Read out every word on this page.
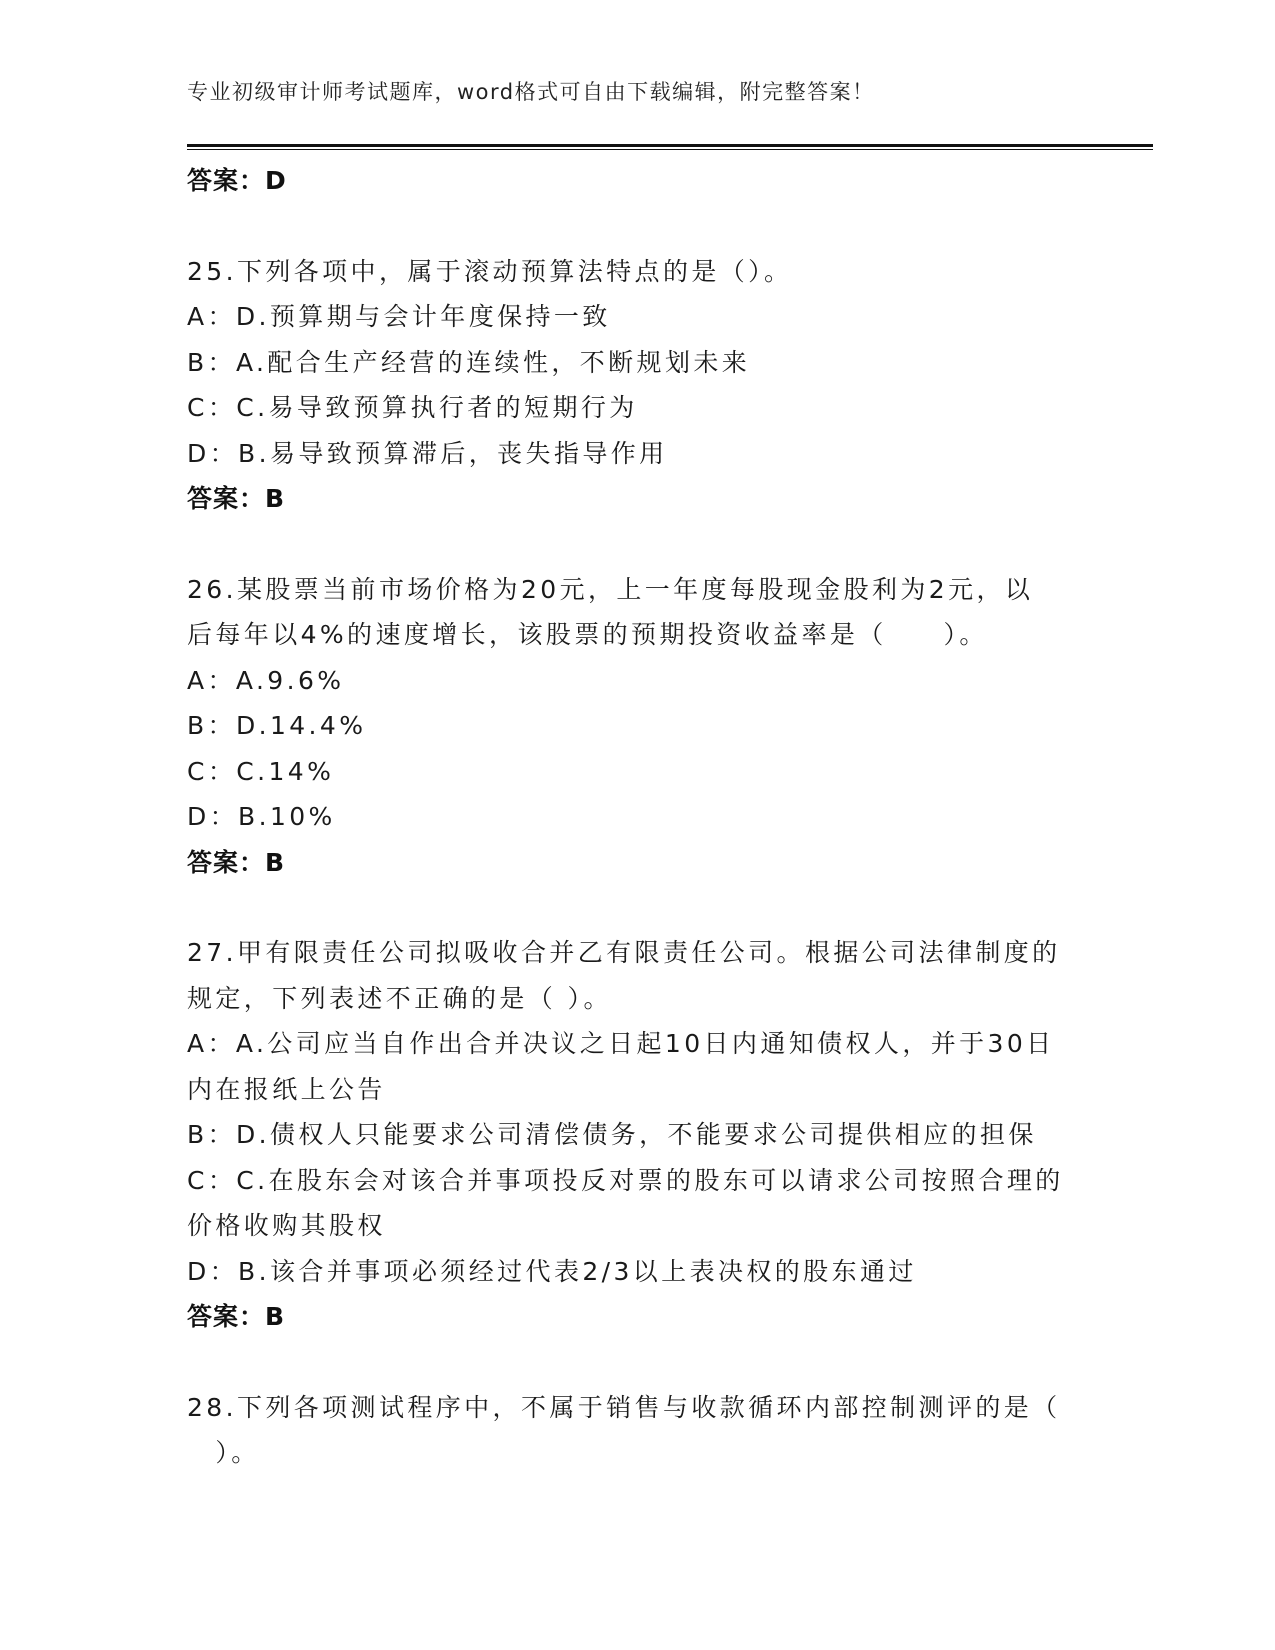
专业初级审计师考试题库，word格式可自由下载编辑，附完整答案！
答案：D
25.下列各项中，属于滚动预算法特点的是（）。
A：D.预算期与会计年度保持一致
B：A.配合生产经营的连续性，不断规划未来
C：C.易导致预算执行者的短期行为
D：B.易导致预算滞后，丧失指导作用
答案：B
26.某股票当前市场价格为20元，上一年度每股现金股利为2元，以
后每年以4%的速度增长，该股票的预期投资收益率是（　　）。
A：A.9.6%
B：D.14.4%
C：C.14%
D：B.10%
答案：B
27.甲有限责任公司拟吸收合并乙有限责任公司。根据公司法律制度的
规定，下列表述不正确的是（ ）。
A：A.公司应当自作出合并决议之日起10日内通知债权人，并于30日
内在报纸上公告
B：D.债权人只能要求公司清偿债务，不能要求公司提供相应的担保
C：C.在股东会对该合并事项投反对票的股东可以请求公司按照合理的
价格收购其股权
D：B.该合并事项必须经过代表2/3以上表决权的股东通过
答案：B
28.下列各项测试程序中，不属于销售与收款循环内部控制测评的是（
　）。
